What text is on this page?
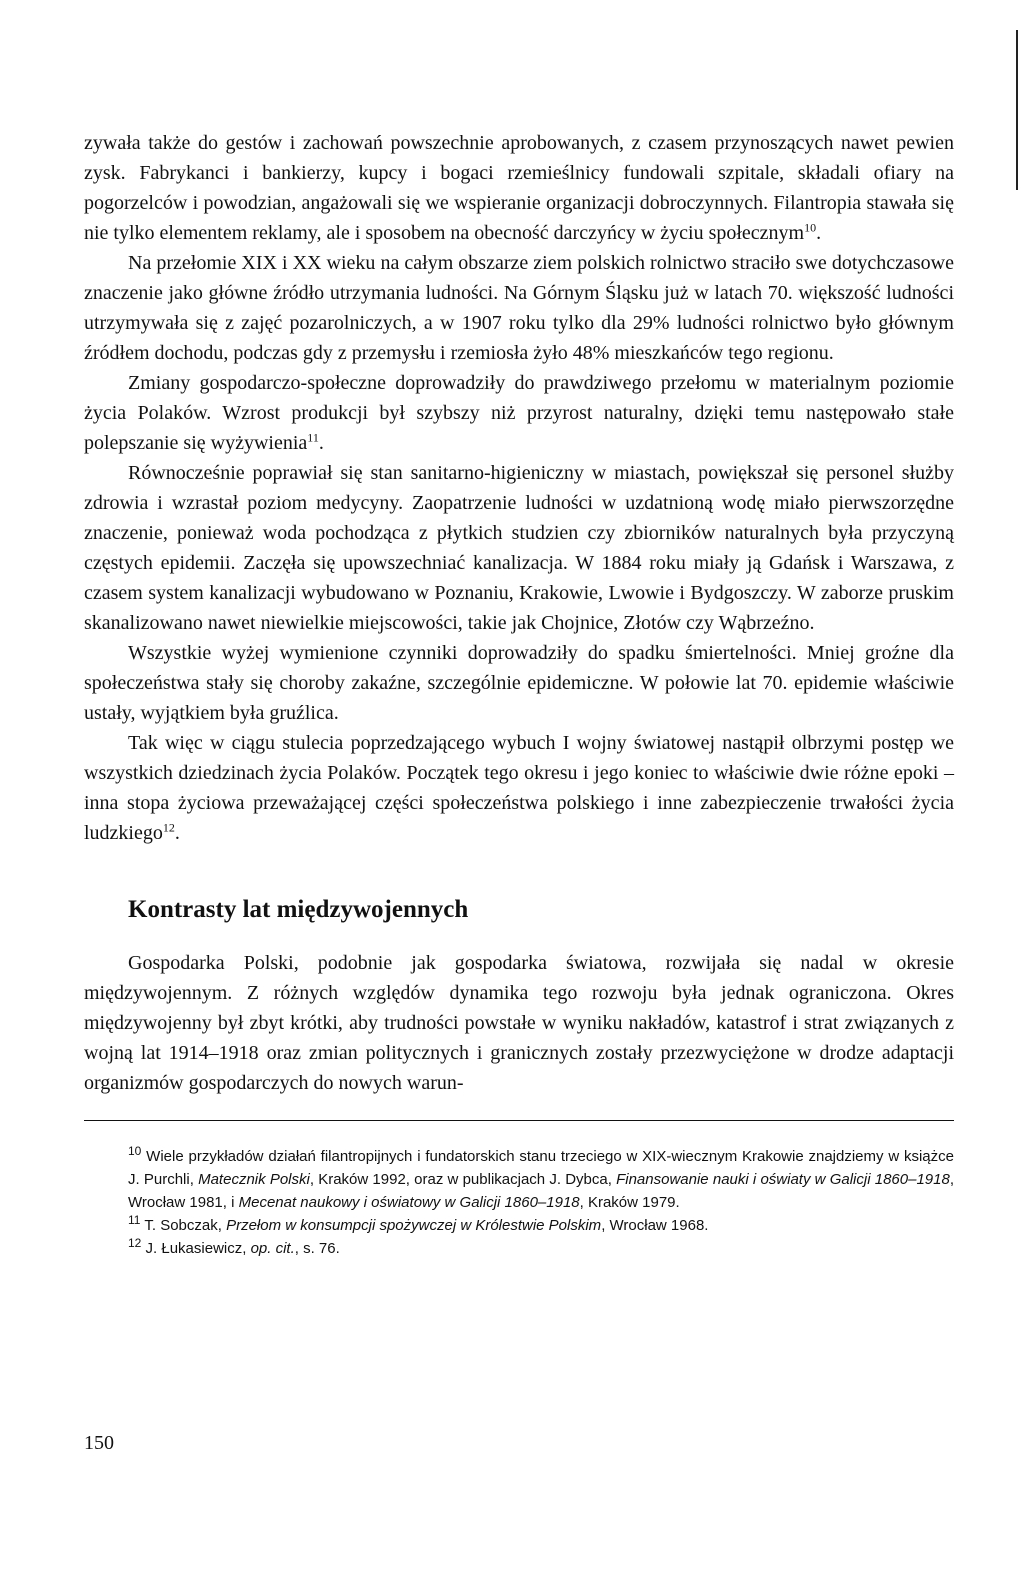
zywała także do gestów i zachowań powszechnie aprobowanych, z czasem przynoszących nawet pewien zysk. Fabrykanci i bankierzy, kupcy i bogaci rzemieślnicy fundowali szpitale, składali ofiary na pogorzelców i powodzian, angażowali się we wspieranie organizacji dobroczynnych. Filantropia stawała się nie tylko elementem reklamy, ale i sposobem na obecność darczyńcy w życiu społecznym$^{10}$.

Na przełomie XIX i XX wieku na całym obszarze ziem polskich rolnictwo straciło swe dotychczasowe znaczenie jako główne źródło utrzymania ludności. Na Górnym Śląsku już w latach 70. większość ludności utrzymywała się z zajęć pozarolniczych, a w 1907 roku tylko dla 29% ludności rolnictwo było głównym źródłem dochodu, podczas gdy z przemysłu i rzemiosła żyło 48% mieszkańców tego regionu.

Zmiany gospodarczo-społeczne doprowadziły do prawdziwego przełomu w materialnym poziomie życia Polaków. Wzrost produkcji był szybszy niż przyrost naturalny, dzięki temu następowało stałe polepszanie się wyżywienia$^{11}$.

Równocześnie poprawiał się stan sanitarno-higieniczny w miastach, powiększał się personel służby zdrowia i wzrastał poziom medycyny. Zaopatrzenie ludności w uzdatnioną wodę miało pierwszorzędne znaczenie, ponieważ woda pochodząca z płytkich studzien czy zbiorników naturalnych była przyczyną częstych epidemii. Zaczęła się upowszechniać kanalizacja. W 1884 roku miały ją Gdańsk i Warszawa, z czasem system kanalizacji wybudowano w Poznaniu, Krakowie, Lwowie i Bydgoszczy. W zaborze pruskim skanalizowano nawet niewielkie miejscowości, takie jak Chojnice, Złotów czy Wąbrzeźno.

Wszystkie wyżej wymienione czynniki doprowadziły do spadku śmiertelności. Mniej groźne dla społeczeństwa stały się choroby zakaźne, szczególnie epidemiczne. W połowie lat 70. epidemie właściwie ustały, wyjątkiem była gruźlica.

Tak więc w ciągu stulecia poprzedzającego wybuch I wojny światowej nastąpił olbrzymi postęp we wszystkich dziedzinach życia Polaków. Początek tego okresu i jego koniec to właściwie dwie różne epoki – inna stopa życiowa przeważającej części społeczeństwa polskiego i inne zabezpieczenie trwałości życia ludzkiego$^{12}$.

Kontrasty lat międzywojennych

Gospodarka Polski, podobnie jak gospodarka światowa, rozwijała się nadal w okresie międzywojennym. Z różnych względów dynamika tego rozwoju była jednak ograniczona. Okres międzywojenny był zbyt krótki, aby trudności powstałe w wyniku nakładów, katastrof i strat związanych z wojną lat 1914–1918 oraz zmian politycznych i granicznych zostały przezwyciężone w drodze adaptacji organizmów gospodarczych do nowych warun-

$^{10}$ Wiele przykładów działań filantropijnych i fundatorskich stanu trzeciego w XIX-wiecznym Krakowie znajdziemy w książce J. Purchli, Matecznik Polski, Kraków 1992, oraz w publikacjach J. Dybca, Finansowanie nauki i oświaty w Galicji 1860–1918, Wrocław 1981, i Mecenat naukowy i oświatowy w Galicji 1860–1918, Kraków 1979.

$^{11}$ T. Sobczak, Przełom w konsumpcji spożywczej w Królestwie Polskim, Wrocław 1968.

$^{12}$ J. Łukasiewicz, op. cit., s. 76.

150
